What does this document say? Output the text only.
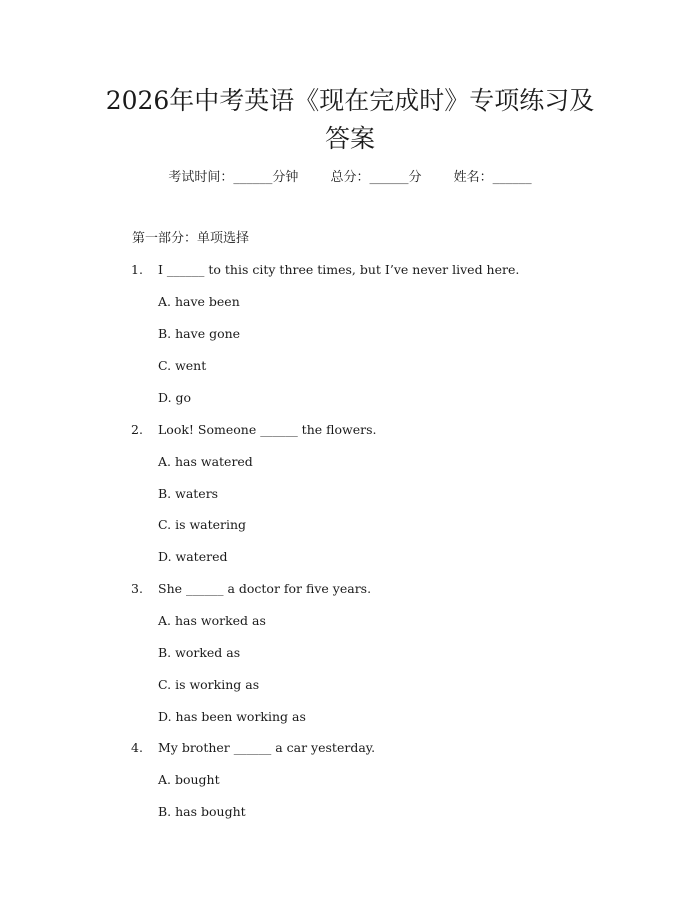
2026年中考英语《现在完成时》专项练习及
答案
考试时间：______分钟 总分：______分 姓名：______
第一部分：单项选择
1. I ______ to this city three times, but I’ve never lived here.
A. have been
B. have gone
C. went
D. go
2. Look! Someone ______ the flowers.
A. has watered
B. waters
C. is watering
D. watered
3. She ______ a doctor for five years.
A. has worked as
B. worked as
C. is working as
D. has been working as
4. My brother ______ a car yesterday.
A. bought
B. has bought
